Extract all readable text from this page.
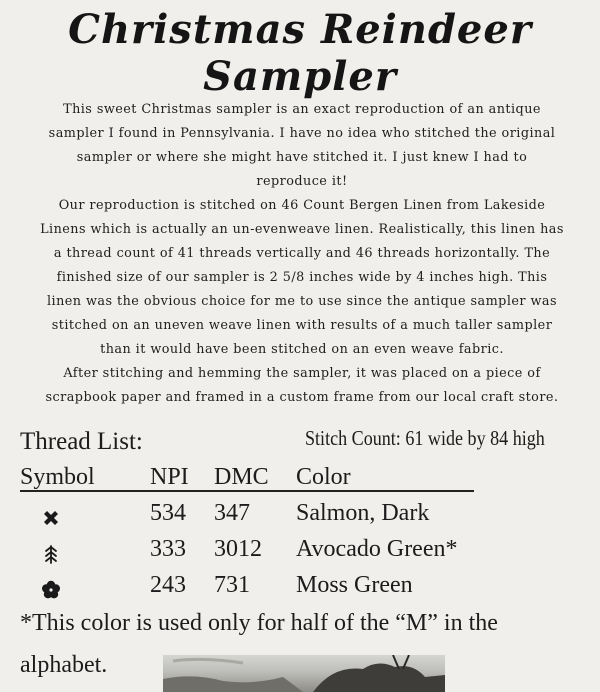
Christmas Reindeer Sampler
This sweet Christmas sampler is an exact reproduction of an antique
sampler I found in Pennsylvania. I have no idea who stitched the original
sampler or where she might have stitched it. I just knew I had to
reproduce it!
Our reproduction is stitched on 46 Count Bergen Linen from Lakeside
Linens which is actually an un-evenweave linen. Realistically, this linen has
a thread count of 41 threads vertically and 46 threads horizontally. The
finished size of our sampler is 2 5/8 inches wide by 4 inches high. This
linen was the obvious choice for me to use since the antique sampler was
stitched on an uneven weave linen with results of a much taller sampler
than it would have been stitched on an even weave fabric.
After stitching and hemming the sampler, it was placed on a piece of
scrapbook paper and framed in a custom frame from our local craft store.
Thread List:	Stitch Count: 61 wide by 84 high
Symbol NPI DMC Color
534 347 Salmon, Dark
333 3012 Avocado Green*
243 731 Moss Green
*This color is used only for half of the “M” in the alphabet.
